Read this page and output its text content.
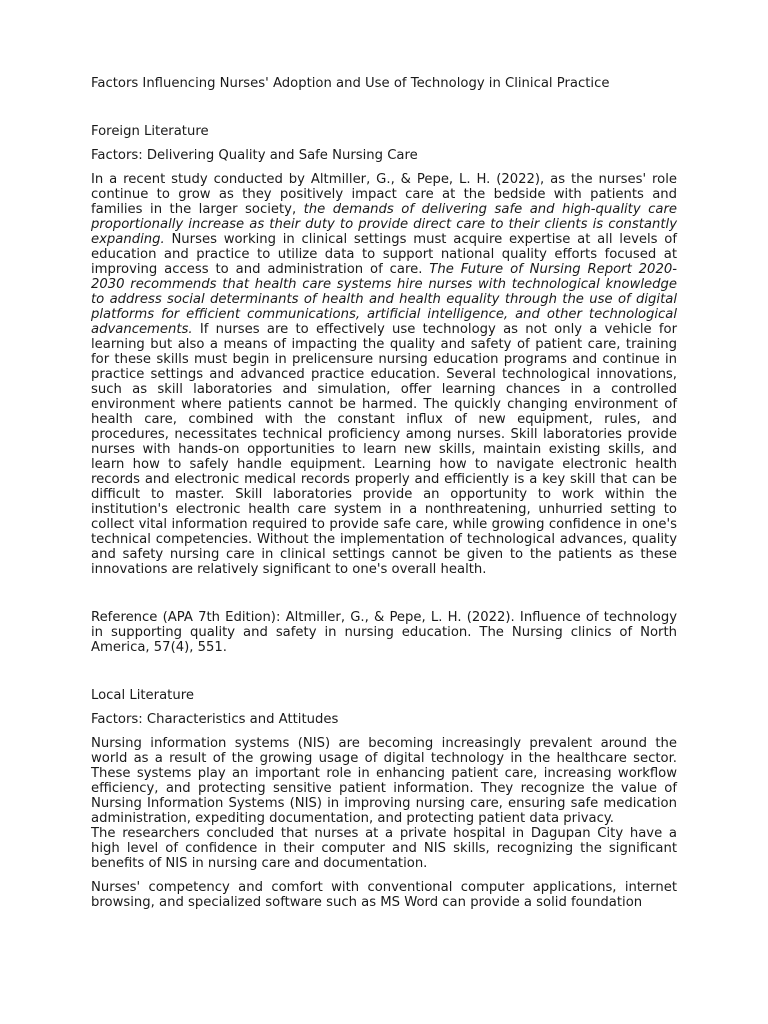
Factors Influencing Nurses' Adoption and Use of Technology in Clinical Practice

Foreign Literature

Factors: Delivering Quality and Safe Nursing Care

In a recent study conducted by Altmiller, G., & Pepe, L. H. (2022), as the nurses' role continue to grow as they positively impact care at the bedside with patients and families in the larger society, the demands of delivering safe and high-quality care proportionally increase as their duty to provide direct care to their clients is constantly expanding. Nurses working in clinical settings must acquire expertise at all levels of education and practice to utilize data to support national quality efforts focused at improving access to and administration of care. The Future of Nursing Report 2020-2030 recommends that health care systems hire nurses with technological knowledge to address social determinants of health and health equality through the use of digital platforms for efficient communications, artificial intelligence, and other technological advancements. If nurses are to effectively use technology as not only a vehicle for learning but also a means of impacting the quality and safety of patient care, training for these skills must begin in prelicensure nursing education programs and continue in practice settings and advanced practice education. Several technological innovations, such as skill laboratories and simulation, offer learning chances in a controlled environment where patients cannot be harmed. The quickly changing environment of health care, combined with the constant influx of new equipment, rules, and procedures, necessitates technical proficiency among nurses. Skill laboratories provide nurses with hands-on opportunities to learn new skills, maintain existing skills, and learn how to safely handle equipment. Learning how to navigate electronic health records and electronic medical records properly and efficiently is a key skill that can be difficult to master. Skill laboratories provide an opportunity to work within the institution's electronic health care system in a nonthreatening, unhurried setting to collect vital information required to provide safe care, while growing confidence in one's technical competencies. Without the implementation of technological advances, quality and safety nursing care in clinical settings cannot be given to the patients as these innovations are relatively significant to one's overall health.

Reference (APA 7th Edition): Altmiller, G., & Pepe, L. H. (2022). Influence of technology in supporting quality and safety in nursing education. The Nursing clinics of North America, 57(4), 551.

Local Literature

Factors: Characteristics and Attitudes

Nursing information systems (NIS) are becoming increasingly prevalent around the world as a result of the growing usage of digital technology in the healthcare sector. These systems play an important role in enhancing patient care, increasing workflow efficiency, and protecting sensitive patient information. They recognize the value of Nursing Information Systems (NIS) in improving nursing care, ensuring safe medication administration, expediting documentation, and protecting patient data privacy.

The researchers concluded that nurses at a private hospital in Dagupan City have a high level of confidence in their computer and NIS skills, recognizing the significant benefits of NIS in nursing care and documentation.

Nurses' competency and comfort with conventional computer applications, internet browsing, and specialized software such as MS Word can provide a solid foundation
